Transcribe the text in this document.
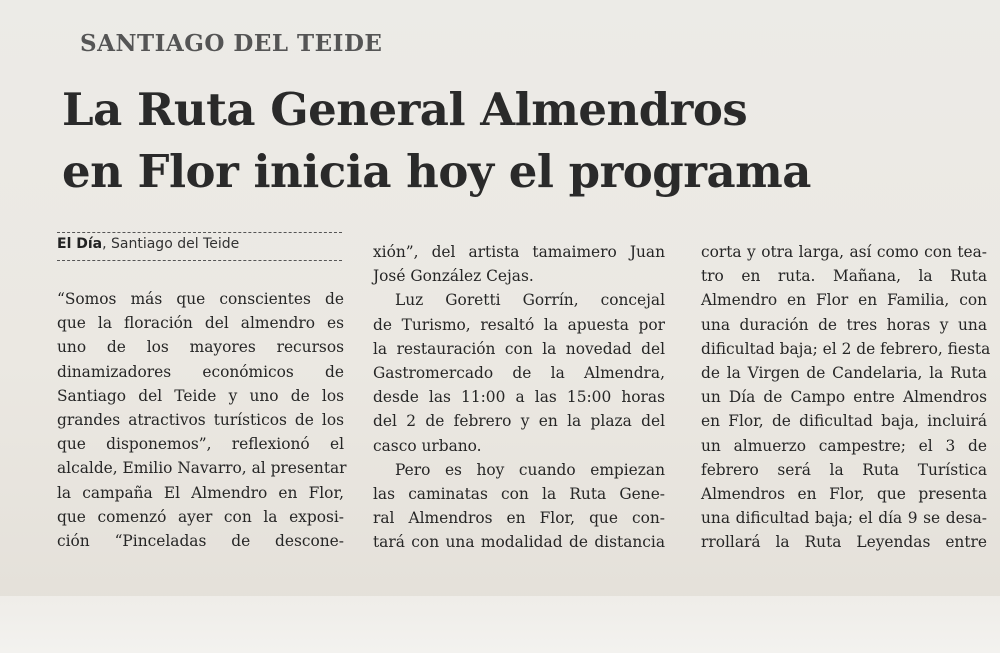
SANTIAGO DEL TEIDE
La Ruta General Almendros
en Flor inicia hoy el programa
El Día, Santiago del Teide
“Somos más que conscientes de
que la floración del almendro es
uno de los mayores recursos
dinamizadores económicos de
Santiago del Teide y uno de los
grandes atractivos turísticos de los
que disponemos”, reflexionó el
alcalde, Emilio Navarro, al presentar
la campaña El Almendro en Flor,
que comenzó ayer con la exposi-
ción “Pinceladas de descone-
xión”, del artista tamaimero Juan
José González Cejas.
Luz Goretti Gorrín, concejal
de Turismo, resaltó la apuesta por
la restauración con la novedad del
Gastromercado de la Almendra,
desde las 11:00 a las 15:00 horas
del 2 de febrero y en la plaza del
casco urbano.
Pero es hoy cuando empiezan
las caminatas con la Ruta Gene-
ral Almendros en Flor, que con-
tará con una modalidad de distancia
corta y otra larga, así como con tea-
tro en ruta. Mañana, la Ruta
Almendro en Flor en Familia, con
una duración de tres horas y una
dificultad baja; el 2 de febrero, fiesta
de la Virgen de Candelaria, la Ruta
un Día de Campo entre Almendros
en Flor, de dificultad baja, incluirá
un almuerzo campestre; el 3 de
febrero será la Ruta Turística
Almendros en Flor, que presenta
una dificultad baja; el día 9 se desa-
rrollará la Ruta Leyendas entre
